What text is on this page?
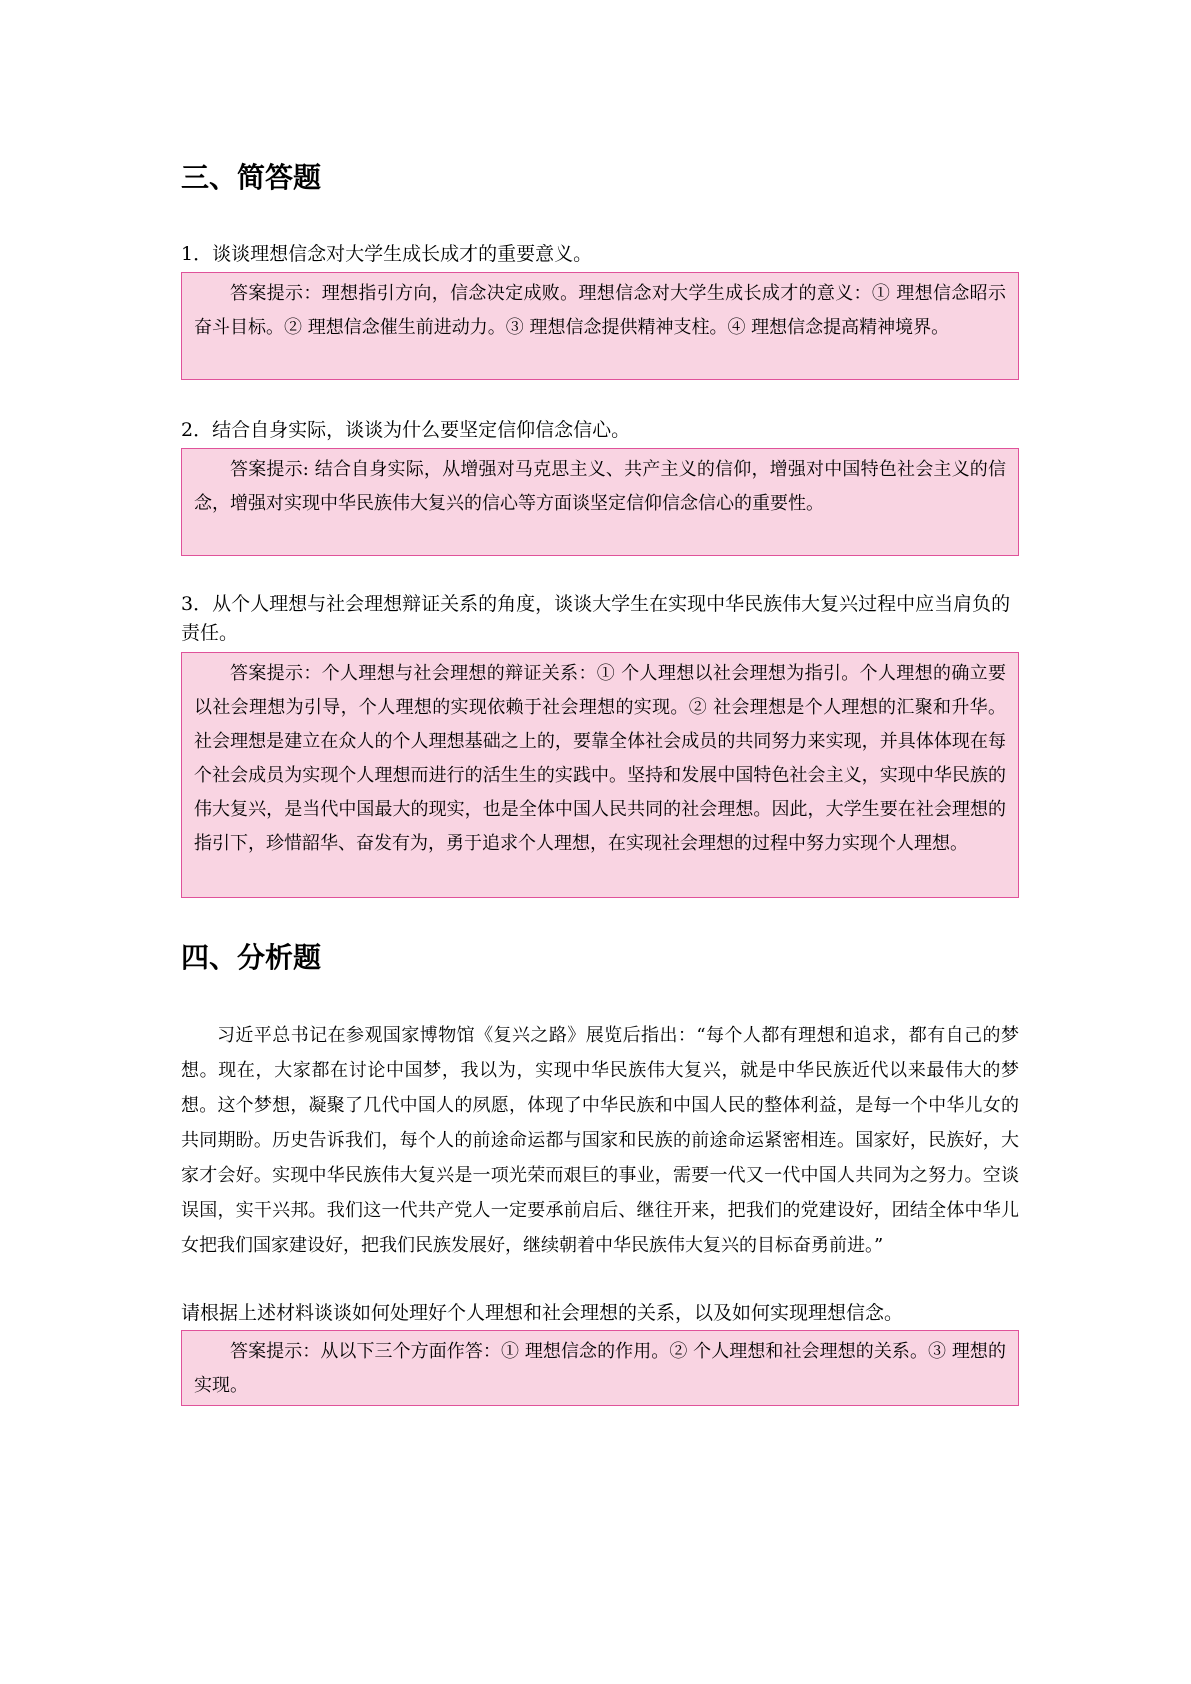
三、简答题

1．谈谈理想信念对大学生成长成才的重要意义。

答案提示：理想指引方向，信念决定成败。理想信念对大学生成长成才的意义：① 理想信念昭示奋斗目标。② 理想信念催生前进动力。③ 理想信念提供精神支柱。④ 理想信念提高精神境界。

2．结合自身实际，谈谈为什么要坚定信仰信念信心。

答案提示: 结合自身实际，从增强对马克思主义、共产主义的信仰，增强对中国特色社会主义的信念，增强对实现中华民族伟大复兴的信心等方面谈坚定信仰信念信心的重要性。

3．从个人理想与社会理想辩证关系的角度，谈谈大学生在实现中华民族伟大复兴过程中应当肩负的责任。

答案提示：个人理想与社会理想的辩证关系：① 个人理想以社会理想为指引。个人理想的确立要以社会理想为引导，个人理想的实现依赖于社会理想的实现。② 社会理想是个人理想的汇聚和升华。社会理想是建立在众人的个人理想基础之上的，要靠全体社会成员的共同努力来实现，并具体体现在每个社会成员为实现个人理想而进行的活生生的实践中。坚持和发展中国特色社会主义，实现中华民族的伟大复兴，是当代中国最大的现实，也是全体中国人民共同的社会理想。因此，大学生要在社会理想的指引下，珍惜韶华、奋发有为，勇于追求个人理想，在实现社会理想的过程中努力实现个人理想。
四、分析题

习近平总书记在参观国家博物馆《复兴之路》展览后指出：“每个人都有理想和追求，都有自己的梦想。现在，大家都在讨论中国梦，我以为，实现中华民族伟大复兴，就是中华民族近代以来最伟大的梦想。这个梦想，凝聚了几代中国人的夙愿，体现了中华民族和中国人民的整体利益，是每一个中华儿女的共同期盼。历史告诉我们，每个人的前途命运都与国家和民族的前途命运紧密相连。国家好，民族好，大家才会好。实现中华民族伟大复兴是一项光荣而艰巨的事业，需要一代又一代中国人共同为之努力。空谈误国，实干兴邦。我们这一代共产党人一定要承前启后、继往开来，把我们的党建设好，团结全体中华儿女把我们国家建设好，把我们民族发展好，继续朝着中华民族伟大复兴的目标奋勇前进。”

请根据上述材料谈谈如何处理好个人理想和社会理想的关系，以及如何实现理想信念。

答案提示：从以下三个方面作答：① 理想信念的作用。② 个人理想和社会理想的关系。③ 理想的实现。
